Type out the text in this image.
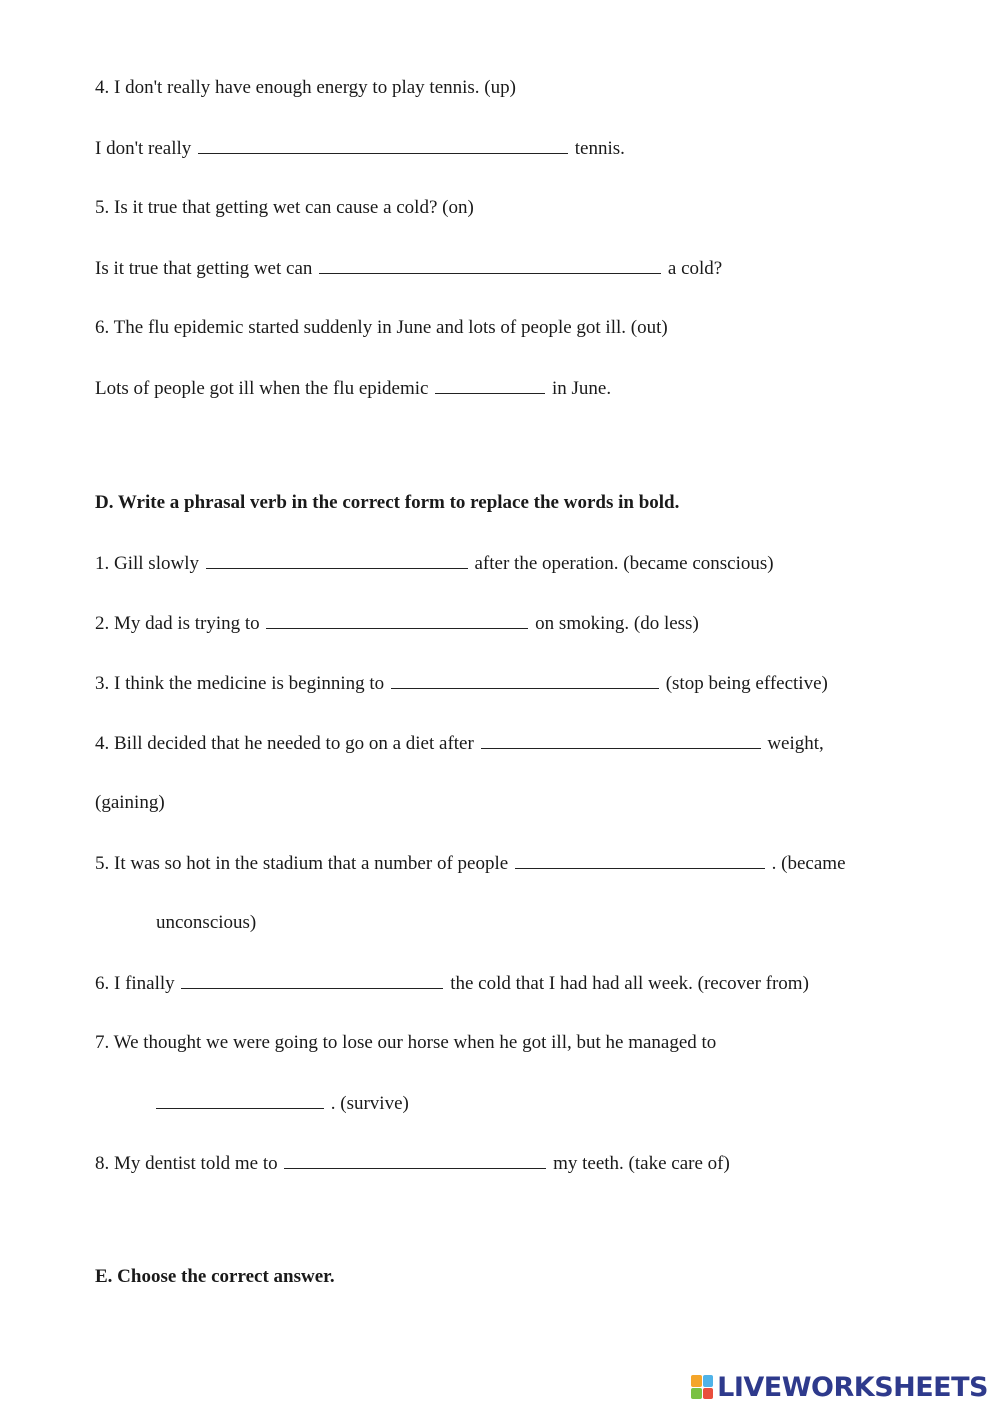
4. I don't really have enough energy to play tennis. (up)
I don't really	tennis.
5. Is it true that getting wet can cause a cold? (on)
Is it true that getting wet can	a cold?
6. The flu epidemic started suddenly in June and lots of people got ill. (out)
Lots of people got ill when the flu epidemic	in June.
D. Write a phrasal verb in the correct form to replace the words in bold.
1. Gill slowly	after the operation. (became conscious)
2. My dad is trying to	on smoking. (do less)
3. I think the medicine is beginning to	(stop being effective)
4. Bill decided that he needed to go on a diet after	weight,
(gaining)
5. It was so hot in the stadium that a number of people	. (became
unconscious)
6. I finally	the cold that I had had all week. (recover from)
7. We thought we were going to lose our horse when he got ill, but he managed to
. (survive)
8. My dentist told me to	my teeth. (take care of)
E. Choose the correct answer.
LIVEWORKSHEETS
